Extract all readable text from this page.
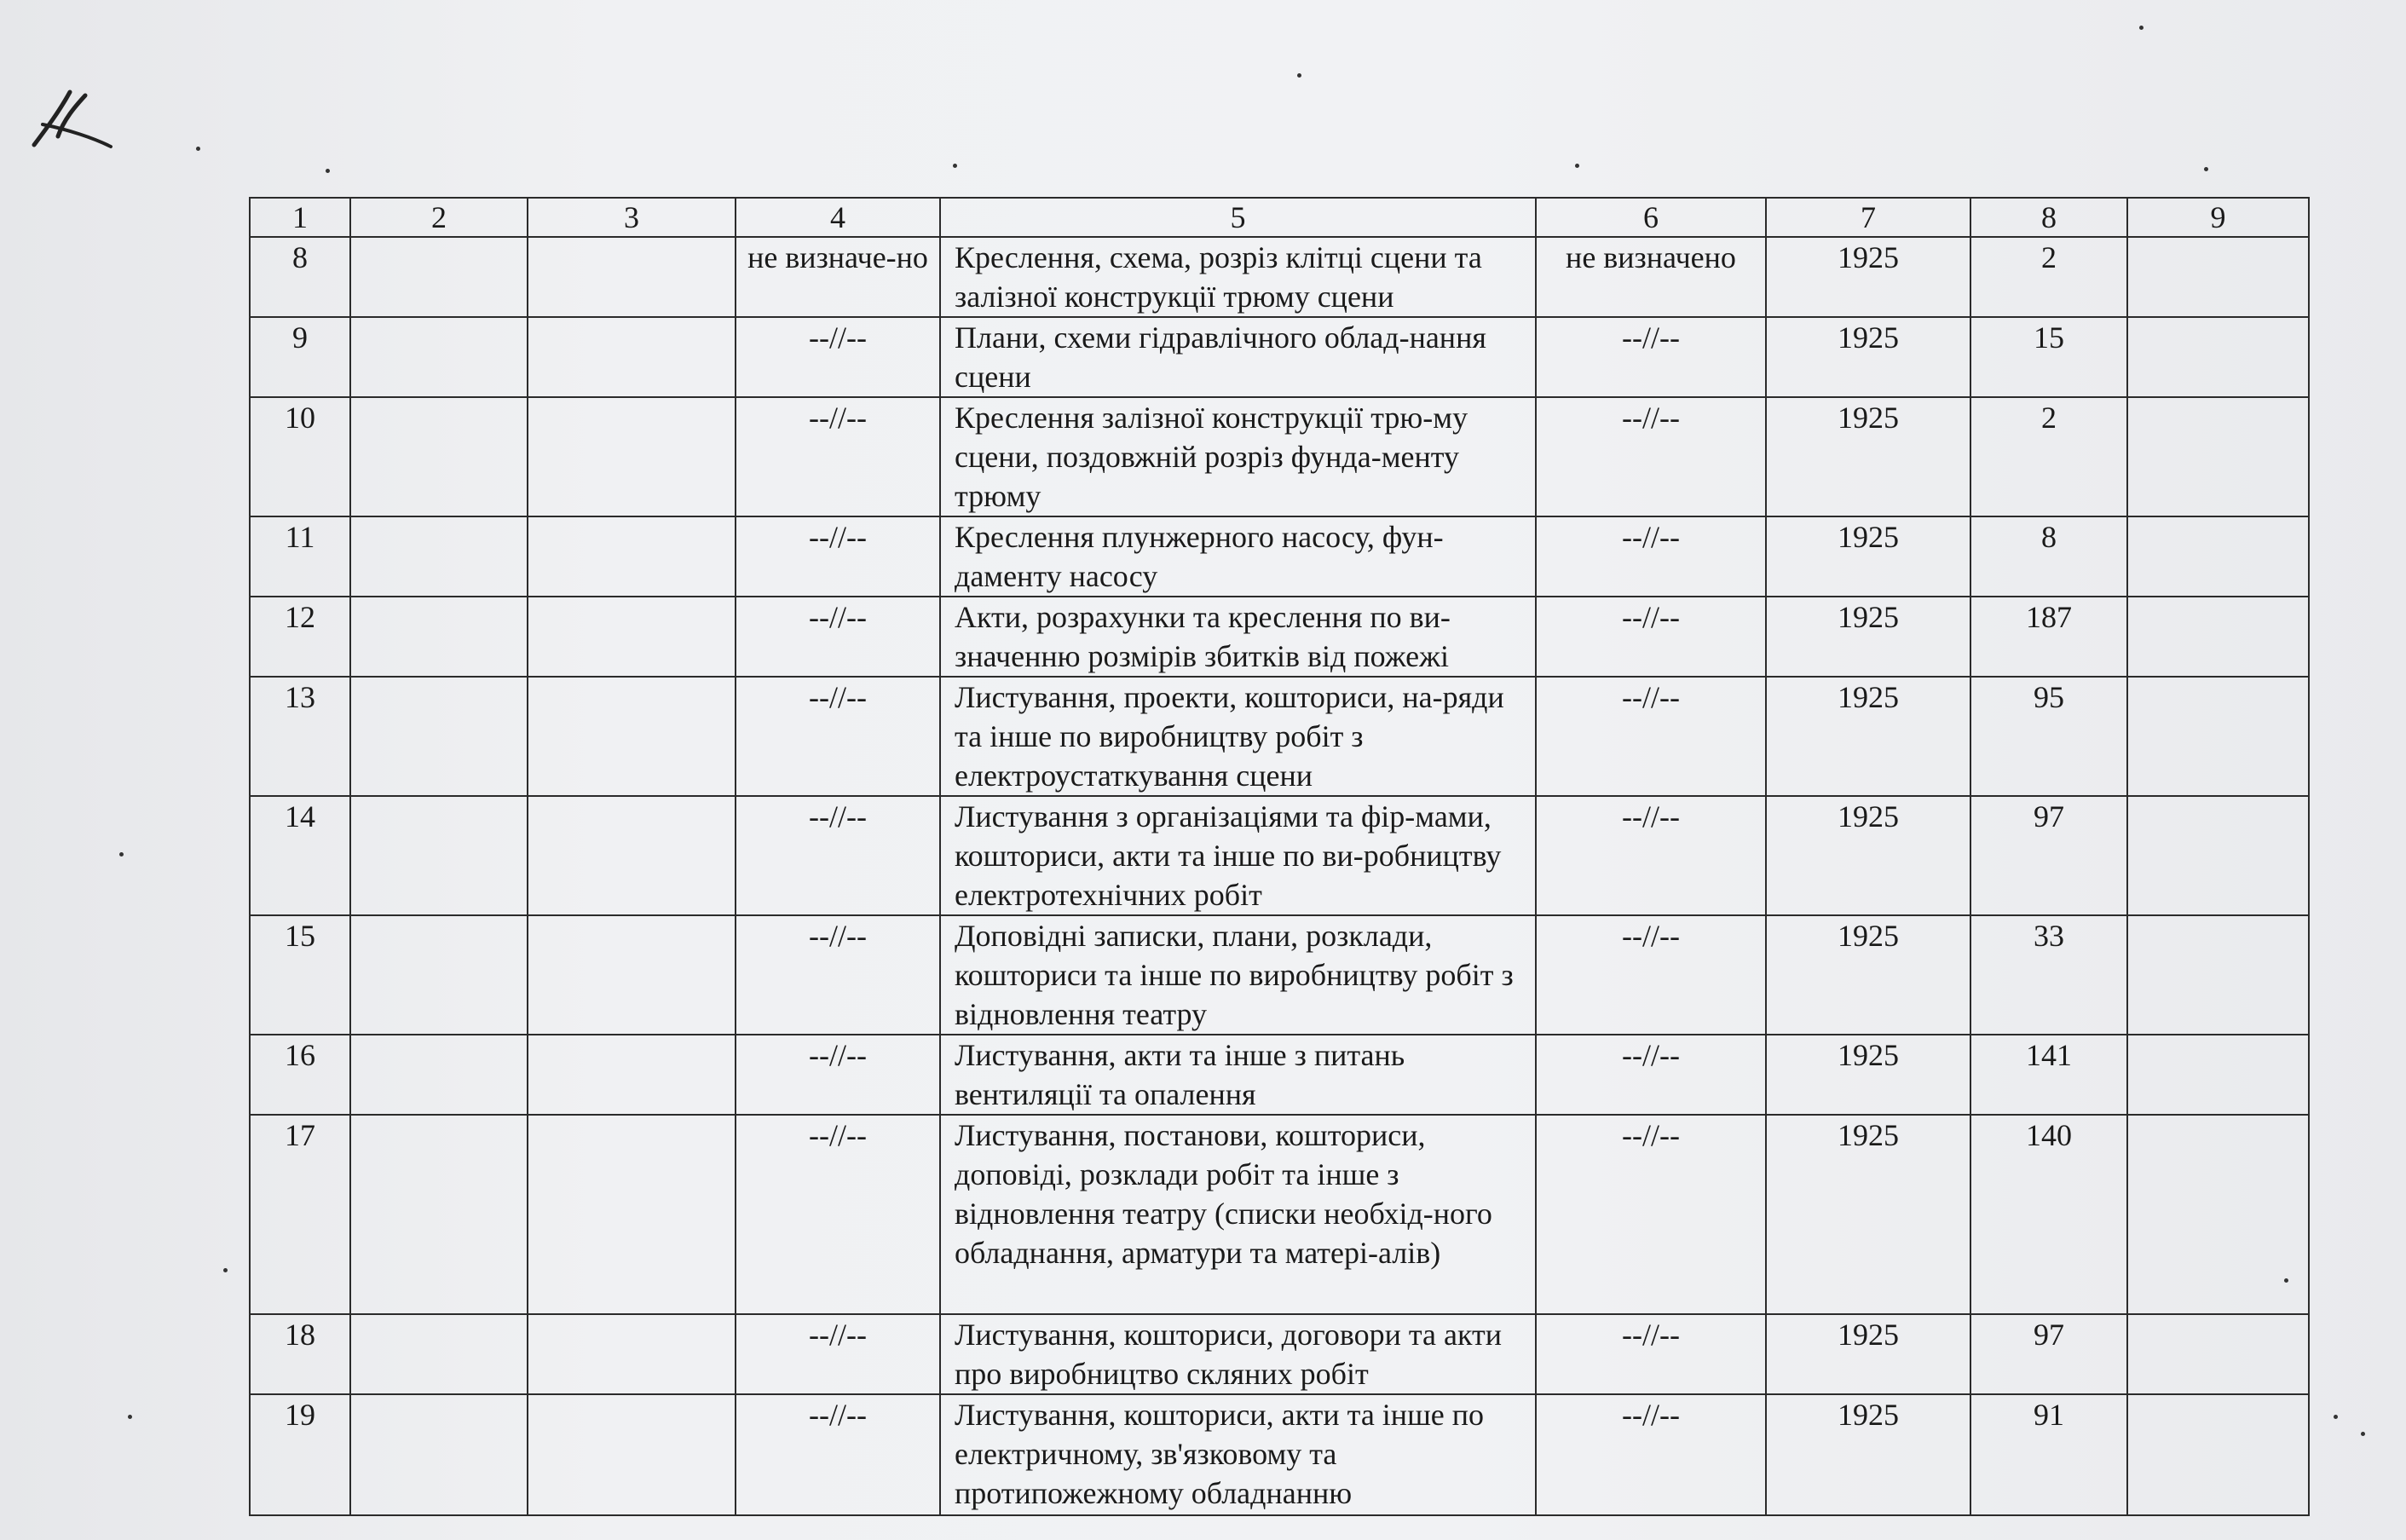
1	2	3	4	5	6	7	8	9
8			не визначе-но	Креслення, схема, розріз клітці сцени та залізної конструкції трюму сцени	не визначено	1925	2	
9			--//--	Плани, схеми гідравлічного облад-нання сцени	--//--	1925	15	
10			--//--	Креслення залізної конструкції трю-му сцени, поздовжній розріз фунда-менту трюму	--//--	1925	2	
11			--//--	Креслення плунжерного насосу, фун-даменту насосу	--//--	1925	8	
12			--//--	Акти, розрахунки та креслення по ви-значенню розмірів збитків від пожежі	--//--	1925	187	
13			--//--	Листування, проекти, кошториси, на-ряди та інше по виробництву робіт з електроустаткування сцени	--//--	1925	95	
14			--//--	Листування з організаціями та фір-мами, кошториси, акти та інше по ви-робництву електротехнічних робіт	--//--	1925	97	
15			--//--	Доповідні записки, плани, розклади, кошториси та інше по виробництву робіт з відновлення театру	--//--	1925	33	
16			--//--	Листування, акти та інше з питань вентиляції та опалення	--//--	1925	141	
17			--//--	Листування, постанови, кошториси, доповіді, розклади робіт та інше з відновлення театру (списки необхід-ного обладнання, арматури та матері-алів)	--//--	1925	140	
18			--//--	Листування, кошториси, договори та акти про виробництво скляних робіт	--//--	1925	97	
19			--//--	Листування, кошториси, акти та інше по електричному, зв'язковому та протипожежному обладнанню	--//--	1925	91	
